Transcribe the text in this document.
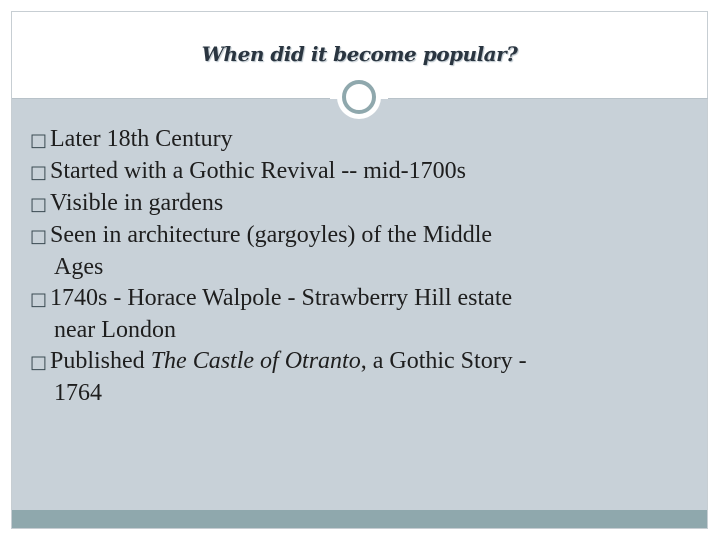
When did it become popular?
□ Later 18th Century
□ Started with a Gothic Revival -- mid-1700s
□ Visible in gardens
□ Seen in architecture (gargoyles) of the Middle
Ages
□ 1740s - Horace Walpole - Strawberry Hill estate
near London
□ Published The Castle of Otranto, a Gothic Story -
1764
